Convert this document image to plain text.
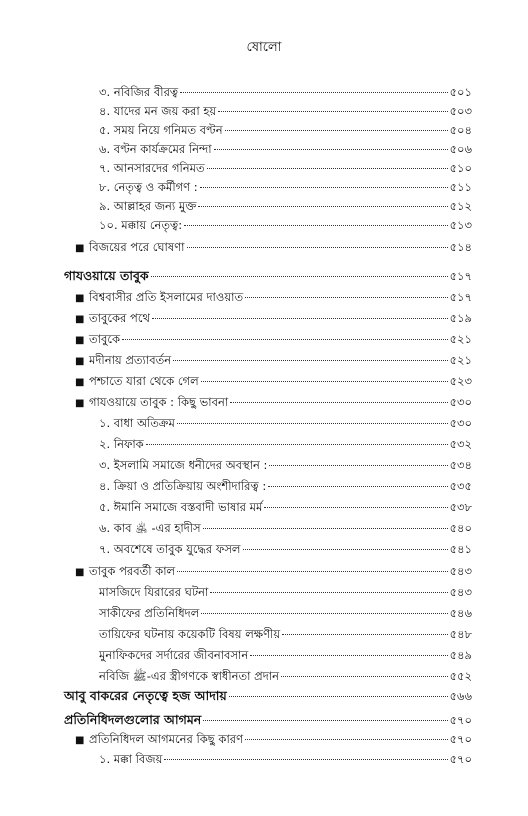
ষোলো
৩. নবিজির বীরত্ব	৫০১
৪. যাদের মন জয় করা হয়	৫০৩
৫. সময় নিয়ে গনিমত বণ্টন	৫০৪
৬. বণ্টন কার্যক্রমের নিন্দা	৫০৬
৭. আনসারদের গনিমত	৫১০
৮. নেতৃত্ব ও কর্মীগণ :	৫১১
৯. আল্লাহর জন্য মুক্ত	৫১২
১০. মক্কায় নেতৃত্ব:	৫১৩
■ বিজয়ের পরে ঘোষণা	৫১৪
গাযওয়ায়ে তাবুক	৫১৭
■ বিশ্ববাসীর প্রতি ইসলামের দাওয়াত	৫১৭
■ তাবুকের পথে	৫১৯
■ তাবুকে	৫২১
■ মদীনায় প্রত্যাবর্তন	৫২১
■ পশ্চাতে যারা থেকে গেল	৫২৩
■ গাযওয়ায়ে তাবুক : কিছু ভাবনা	৫৩০
১. বাধা অতিক্রম	৫৩০
২. নিফাক	৫৩২
৩. ইসলামি সমাজে ধনীদের অবস্থান :	৫৩৪
৪. ক্রিয়া ও প্রতিক্রিয়ায় অংশীদারিত্ব :	৫৩৫
৫. ঈমানি সমাজে বস্তবাদী ভাষার মর্ম	৫৩৮
৬. কাব ﵁ -এর হাদীস	৫৪০
৭. অবশেষে তাবুক যুদ্ধের ফসল	৫৪১
■ তাবুক পরবর্তী কাল	৫৪৩
মাসজিদে যিরারের ঘটনা	৫৪৩
সাকীফের প্রতিনিধিদল	৫৪৬
তায়িফের ঘটনায় কয়েকটি বিষয় লক্ষণীয়	৫৪৮
মুনাফিকদের সর্দারের জীবনাবসান	৫৪৯
নবিজি ﷺ-এর স্ত্রীগণকে স্বাধীনতা প্রদান	৫৫২
আবু বাকরের নেতৃত্বে হজ আদায়	৫৬৬
প্রতিনিধিদলগুলোর আগমন	৫৭০
■ প্রতিনিধিদল আগমনের কিছু কারণ	৫৭০
১. মক্কা বিজয়	৫৭০
